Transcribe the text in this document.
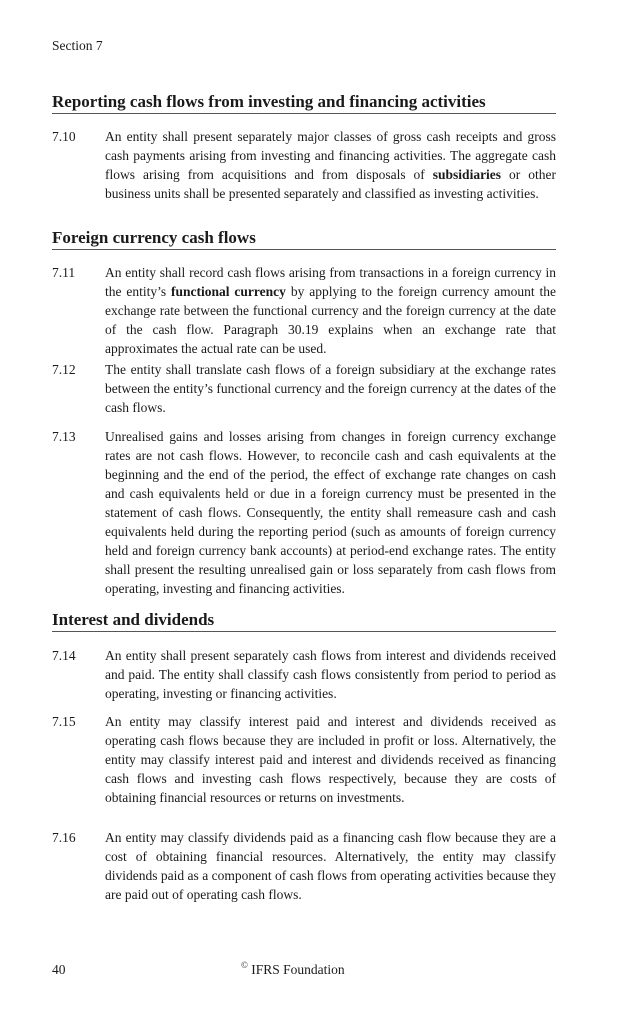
Section 7
Reporting cash flows from investing and financing activities
7.10 An entity shall present separately major classes of gross cash receipts and gross cash payments arising from investing and financing activities. The aggregate cash flows arising from acquisitions and from disposals of subsidiaries or other business units shall be presented separately and classified as investing activities.
Foreign currency cash flows
7.11 An entity shall record cash flows arising from transactions in a foreign currency in the entity’s functional currency by applying to the foreign currency amount the exchange rate between the functional currency and the foreign currency at the date of the cash flow. Paragraph 30.19 explains when an exchange rate that approximates the actual rate can be used.
7.12 The entity shall translate cash flows of a foreign subsidiary at the exchange rates between the entity’s functional currency and the foreign currency at the dates of the cash flows.
7.13 Unrealised gains and losses arising from changes in foreign currency exchange rates are not cash flows. However, to reconcile cash and cash equivalents at the beginning and the end of the period, the effect of exchange rate changes on cash and cash equivalents held or due in a foreign currency must be presented in the statement of cash flows. Consequently, the entity shall remeasure cash and cash equivalents held during the reporting period (such as amounts of foreign currency held and foreign currency bank accounts) at period-end exchange rates. The entity shall present the resulting unrealised gain or loss separately from cash flows from operating, investing and financing activities.
Interest and dividends
7.14 An entity shall present separately cash flows from interest and dividends received and paid. The entity shall classify cash flows consistently from period to period as operating, investing or financing activities.
7.15 An entity may classify interest paid and interest and dividends received as operating cash flows because they are included in profit or loss. Alternatively, the entity may classify interest paid and interest and dividends received as financing cash flows and investing cash flows respectively, because they are costs of obtaining financial resources or returns on investments.
7.16 An entity may classify dividends paid as a financing cash flow because they are a cost of obtaining financial resources. Alternatively, the entity may classify dividends paid as a component of cash flows from operating activities because they are paid out of operating cash flows.
40	© IFRS Foundation
